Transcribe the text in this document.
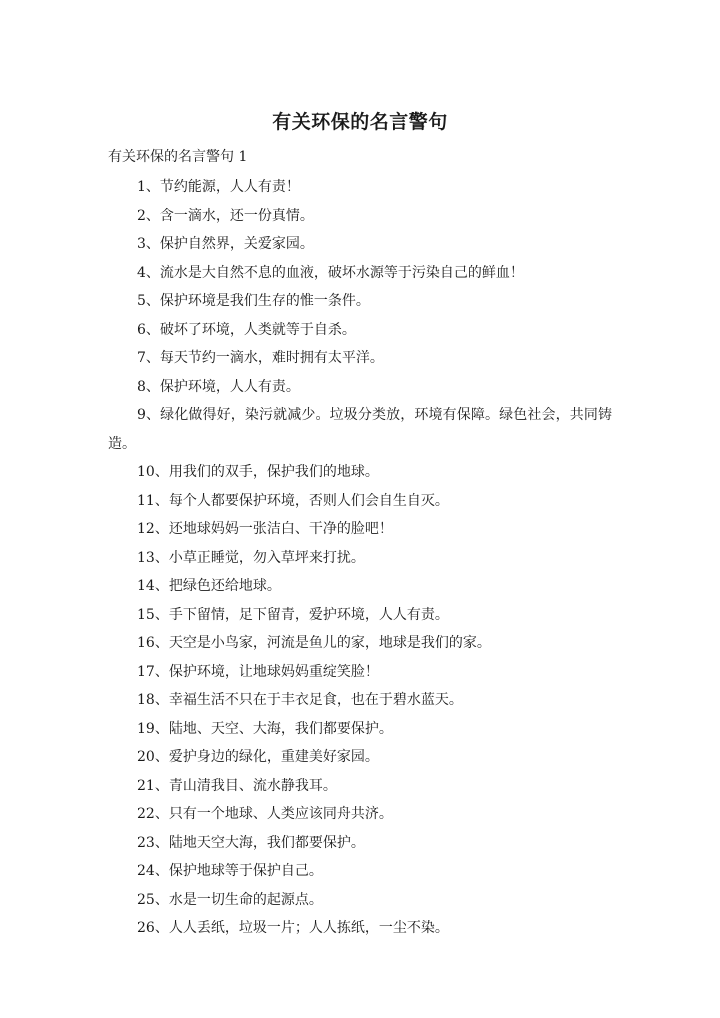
有关环保的名言警句
有关环保的名言警句 1
1、节约能源，人人有责！
2、含一滴水，还一份真情。
3、保护自然界，关爱家园。
4、流水是大自然不息的血液，破坏水源等于污染自己的鲜血！
5、保护环境是我们生存的惟一条件。
6、破坏了环境，人类就等于自杀。
7、每天节约一滴水，难时拥有太平洋。
8、保护环境，人人有责。
9、绿化做得好，染污就减少。垃圾分类放，环境有保障。绿色社会，共同铸造。
10、用我们的双手，保护我们的地球。
11、每个人都要保护环境，否则人们会自生自灭。
12、还地球妈妈一张洁白、干净的脸吧！
13、小草正睡觉，勿入草坪来打扰。
14、把绿色还给地球。
15、手下留情，足下留青，爱护环境，人人有责。
16、天空是小鸟家，河流是鱼儿的家，地球是我们的家。
17、保护环境，让地球妈妈重绽笑脸！
18、幸福生活不只在于丰衣足食，也在于碧水蓝天。
19、陆地、天空、大海，我们都要保护。
20、爱护身边的绿化，重建美好家园。
21、青山清我目、流水静我耳。
22、只有一个地球、人类应该同舟共济。
23、陆地天空大海，我们都要保护。
24、保护地球等于保护自己。
25、水是一切生命的起源点。
26、人人丢纸，垃圾一片；人人拣纸，一尘不染。
